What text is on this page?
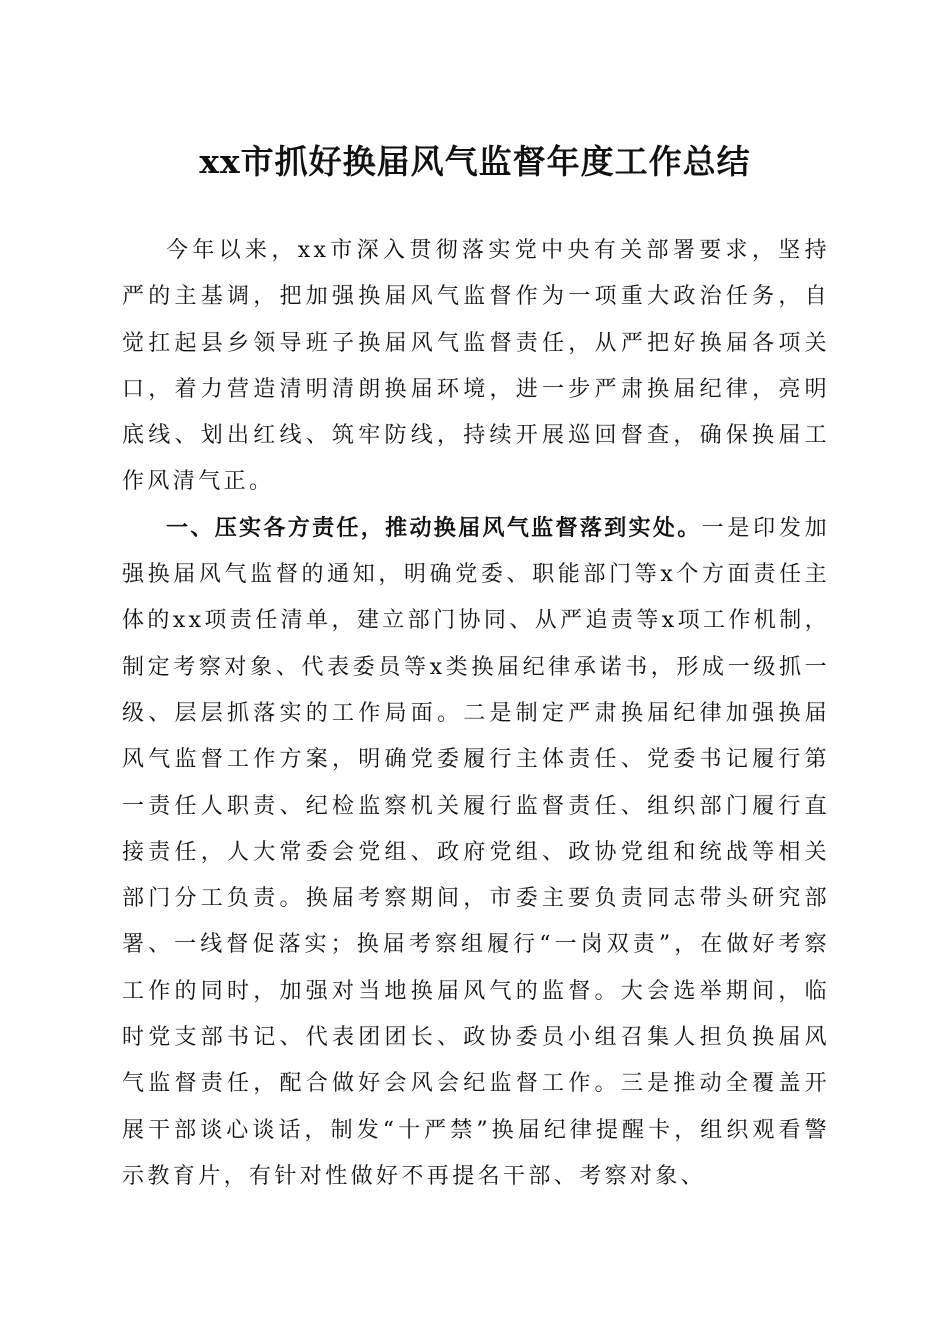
xx市抓好换届风气监督年度工作总结

今年以来，xx市深入贯彻落实党中央有关部署要求，坚持严的主基调，把加强换届风气监督作为一项重大政治任务，自觉扛起县乡领导班子换届风气监督责任，从严把好换届各项关口，着力营造清明清朗换届环境，进一步严肃换届纪律，亮明底线、划出红线、筑牢防线，持续开展巡回督查，确保换届工作风清气正。

一、压实各方责任，推动换届风气监督落到实处。一是印发加强换届风气监督的通知，明确党委、职能部门等x个方面责任主体的xx项责任清单，建立部门协同、从严追责等x项工作机制，制定考察对象、代表委员等x类换届纪律承诺书，形成一级抓一级、层层抓落实的工作局面。二是制定严肃换届纪律加强换届风气监督工作方案，明确党委履行主体责任、党委书记履行第一责任人职责、纪检监察机关履行监督责任、组织部门履行直接责任，人大常委会党组、政府党组、政协党组和统战等相关部门分工负责。换届考察期间，市委主要负责同志带头研究部署、一线督促落实；换届考察组履行“一岗双责”，在做好考察工作的同时，加强对当地换届风气的监督。大会选举期间，临时党支部书记、代表团团长、政协委员小组召集人担负换届风气监督责任，配合做好会风会纪监督工作。三是推动全覆盖开展干部谈心谈话，制发“十严禁”换届纪律提醒卡，组织观看警示教育片，有针对性做好不再提名干部、考察对象、
